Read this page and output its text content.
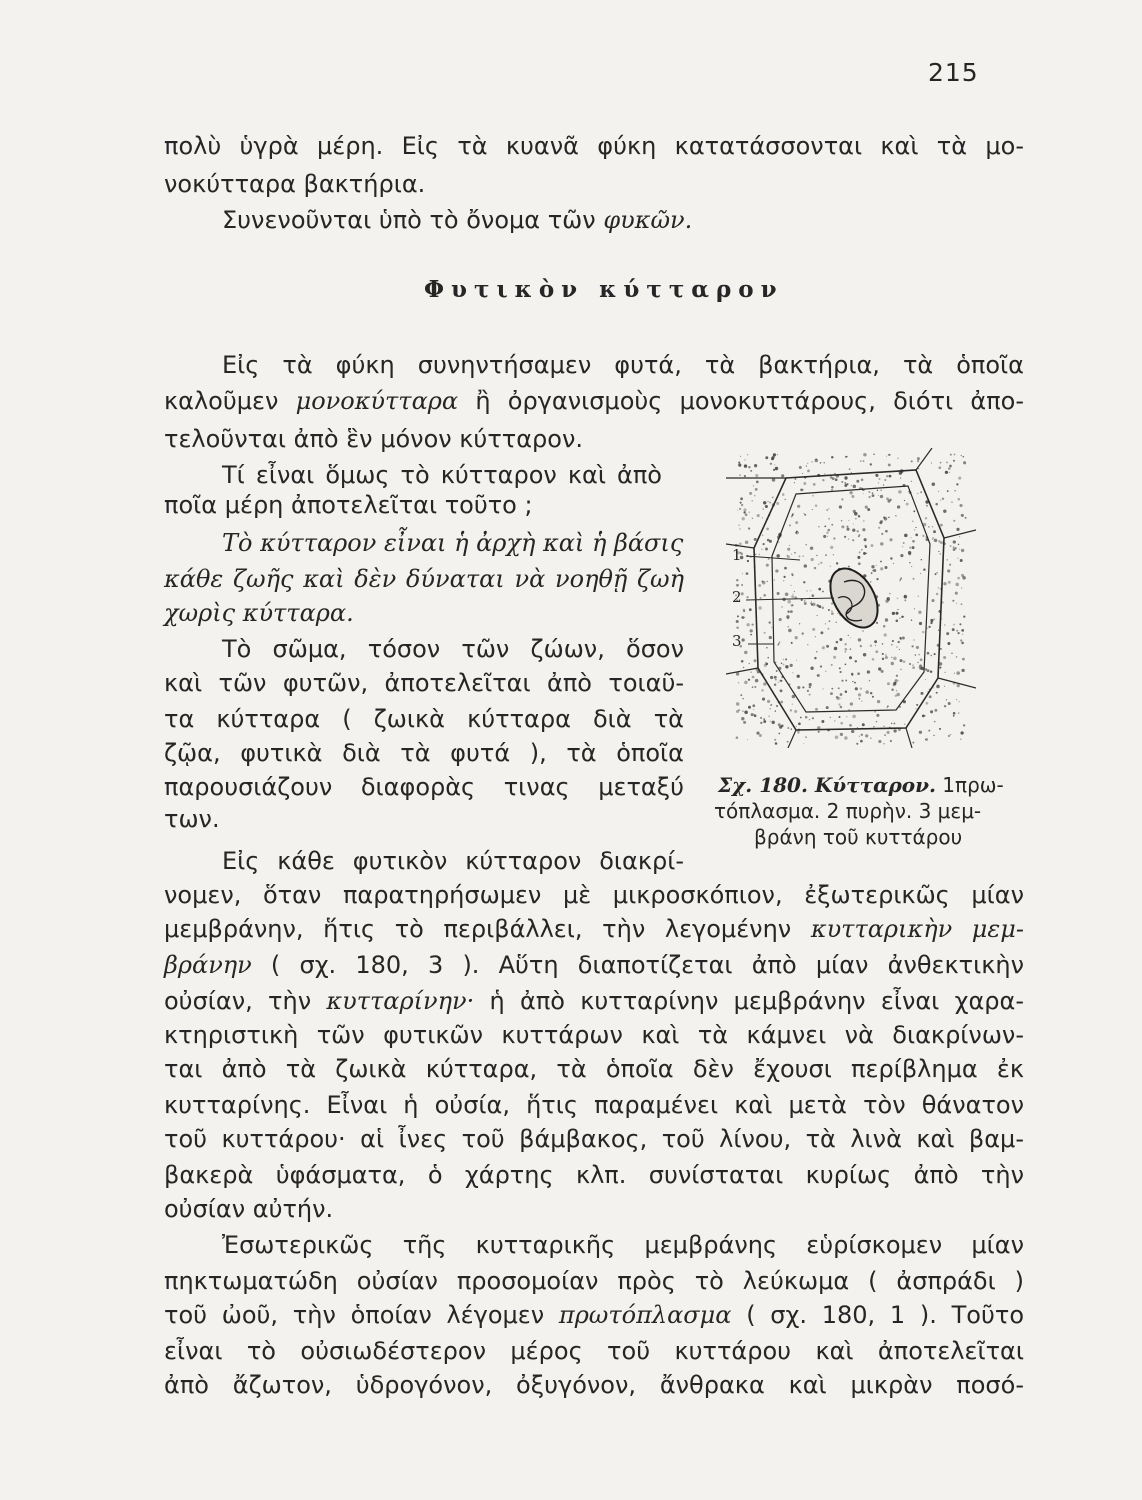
215
πολὺ ὑγρὰ μέρη. Εἰς τὰ κυανᾶ φύκη κατατάσσονται καὶ τὰ μο-
νοκύτταρα βακτήρια.
Συνενοῦνται ὑπὸ τὸ ὄνομα τῶν φυκῶν.
Φυτικὸν κύτταρον
Εἰς τὰ φύκη συνηντήσαμεν φυτά, τὰ βακτήρια, τὰ ὁποῖα
καλοῦμεν μονοκύτταρα ἢ ὀργανισμοὺς μονοκυττάρους, διότι ἀπο-
τελοῦνται ἀπὸ ἓν μόνον κύτταρον.
Τί εἶναι ὅμως τὸ κύτταρον καὶ ἀπὸ
ποῖα μέρη ἀποτελεῖται τοῦτο ;
Τὸ κύτταρον εἶναι ἡ ἀρχὴ καὶ ἡ βάσις
κάθε ζωῆς καὶ δὲν δύναται νὰ νοηθῇ ζωὴ
χωρὶς κύτταρα.
Τὸ σῶμα, τόσον τῶν ζώων, ὅσον
καὶ τῶν φυτῶν, ἀποτελεῖται ἀπὸ τοιαῦ-
τα κύτταρα ( ζωικὰ κύτταρα διὰ τὰ
ζῷα, φυτικὰ διὰ τὰ φυτά ), τὰ ὁποῖα
παρουσιάζουν διαφορὰς τινας μεταξύ
των.
Εἰς κάθε φυτικὸν κύτταρον διακρί-
νομεν, ὅταν παρατηρήσωμεν μὲ μικροσκόπιον, ἐξωτερικῶς μίαν
μεμβράνην, ἥτις τὸ περιβάλλει, τὴν λεγομένην κυτταρικὴν μεμ-
βράνην ( σχ. 180, 3 ). Αὕτη διαποτίζεται ἀπὸ μίαν ἀνθεκτικὴν
οὐσίαν, τὴν κυτταρίνην· ἡ ἀπὸ κυτταρίνην μεμβράνην εἶναι χαρα-
κτηριστικὴ τῶν φυτικῶν κυττάρων καὶ τὰ κάμνει νὰ διακρίνων-
ται ἀπὸ τὰ ζωικὰ κύτταρα, τὰ ὁποῖα δὲν ἔχουσι περίβλημα ἐκ
κυτταρίνης. Εἶναι ἡ οὐσία, ἥτις παραμένει καὶ μετὰ τὸν θάνατον
τοῦ κυττάρου· αἱ ἶνες τοῦ βάμβακος, τοῦ λίνου, τὰ λινὰ καὶ βαμ-
βακερὰ ὑφάσματα, ὁ χάρτης κλπ. συνίσταται κυρίως ἀπὸ τὴν
οὐσίαν αὐτήν.
Ἐσωτερικῶς τῆς κυτταρικῆς μεμβράνης εὑρίσκομεν μίαν
πηκτωματώδη οὐσίαν προσομοίαν πρὸς τὸ λεύκωμα ( ἀσπράδι )
τοῦ ὠοῦ, τὴν ὁποίαν λέγομεν πρωτόπλασμα ( σχ. 180, 1 ). Τοῦτο
εἶναι τὸ οὐσιωδέστερον μέρος τοῦ κυττάρου καὶ ἀποτελεῖται
ἀπὸ ἄζωτον, ὑδρογόνον, ὀξυγόνον, ἄνθρακα καὶ μικρὰν ποσό-
1
2
3
Σχ. 180. Κύτταρον. 1πρω-
τόπλασμα. 2 πυρὴν. 3 μεμ-
βράνη τοῦ κυττάρου
